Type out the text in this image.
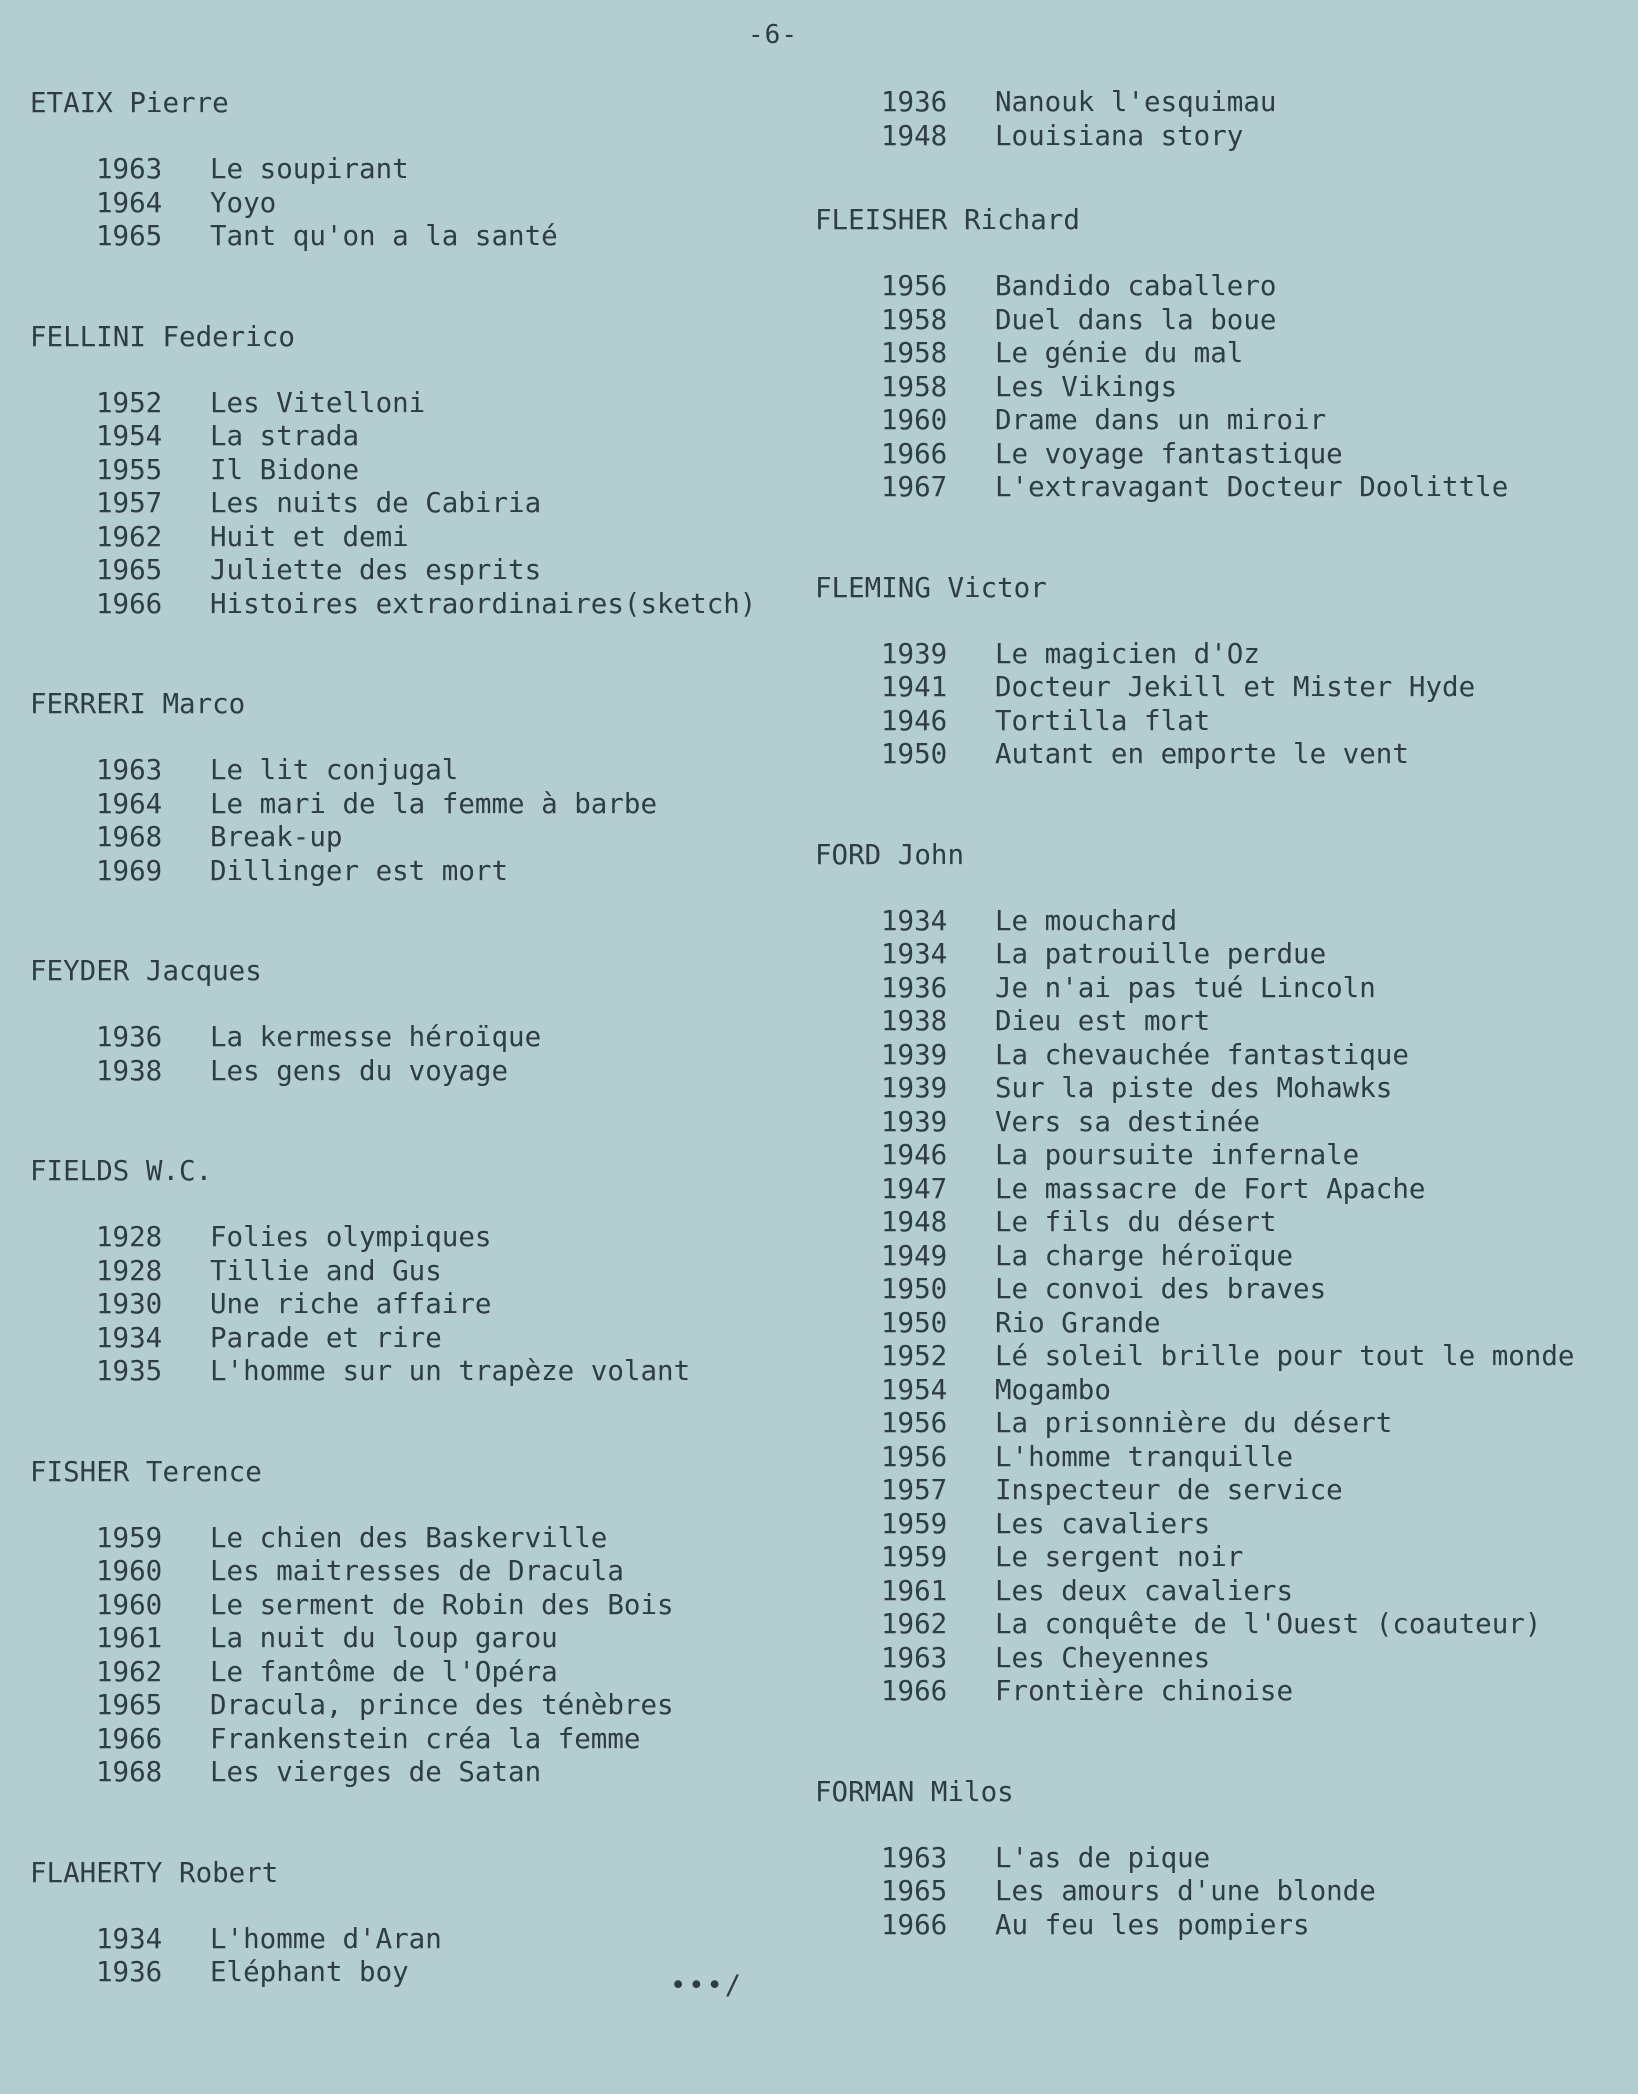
-6-
ETAIX Pierre
1963 Le soupirant
1964 Yoyo
1965 Tant qu'on a la santé
FELLINI Federico
1952 Les Vitelloni
1954 La strada
1955 Il Bidone
1957 Les nuits de Cabiria
1962 Huit et demi
1965 Juliette des esprits
1966 Histoires extraordinaires(sketch)
FERRERI Marco
1963 Le lit conjugal
1964 Le mari de la femme à barbe
1968 Break-up
1969 Dillinger est mort
FEYDER Jacques
1936 La kermesse héroïque
1938 Les gens du voyage
FIELDS W.C.
1928 Folies olympiques
1928 Tillie and Gus
1930 Une riche affaire
1934 Parade et rire
1935 L'homme sur un trapèze volant
FISHER Terence
1959 Le chien des Baskerville
1960 Les maitresses de Dracula
1960 Le serment de Robin des Bois
1961 La nuit du loup garou
1962 Le fantôme de l'Opéra
1965 Dracula, prince des ténèbres
1966 Frankenstein créa la femme
1968 Les vierges de Satan
FLAHERTY Robert
1934 L'homme d'Aran
1936 Eléphant boy
1936 Nanouk l'esquimau
1948 Louisiana story
FLEISHER Richard
1956 Bandido caballero
1958 Duel dans la boue
1958 Le génie du mal
1958 Les Vikings
1960 Drame dans un miroir
1966 Le voyage fantastique
1967 L'extravagant Docteur Doolittle
FLEMING Victor
1939 Le magicien d'Oz
1941 Docteur Jekill et Mister Hyde
1946 Tortilla flat
1950 Autant en emporte le vent
FORD John
1934 Le mouchard
1934 La patrouille perdue
1936 Je n'ai pas tué Lincoln
1938 Dieu est mort
1939 La chevauchée fantastique
1939 Sur la piste des Mohawks
1939 Vers sa destinée
1946 La poursuite infernale
1947 Le massacre de Fort Apache
1948 Le fils du désert
1949 La charge héroïque
1950 Le convoi des braves
1950 Rio Grande
1952 Lé soleil brille pour tout le monde
1954 Mogambo
1956 La prisonnière du désert
1956 L'homme tranquille
1957 Inspecteur de service
1959 Les cavaliers
1959 Le sergent noir
1961 Les deux cavaliers
1962 La conquête de l'Ouest (coauteur)
1963 Les Cheyennes
1966 Frontière chinoise
FORMAN Milos
1963 L'as de pique
1965 Les amours d'une blonde
1966 Au feu les pompiers
•••/
